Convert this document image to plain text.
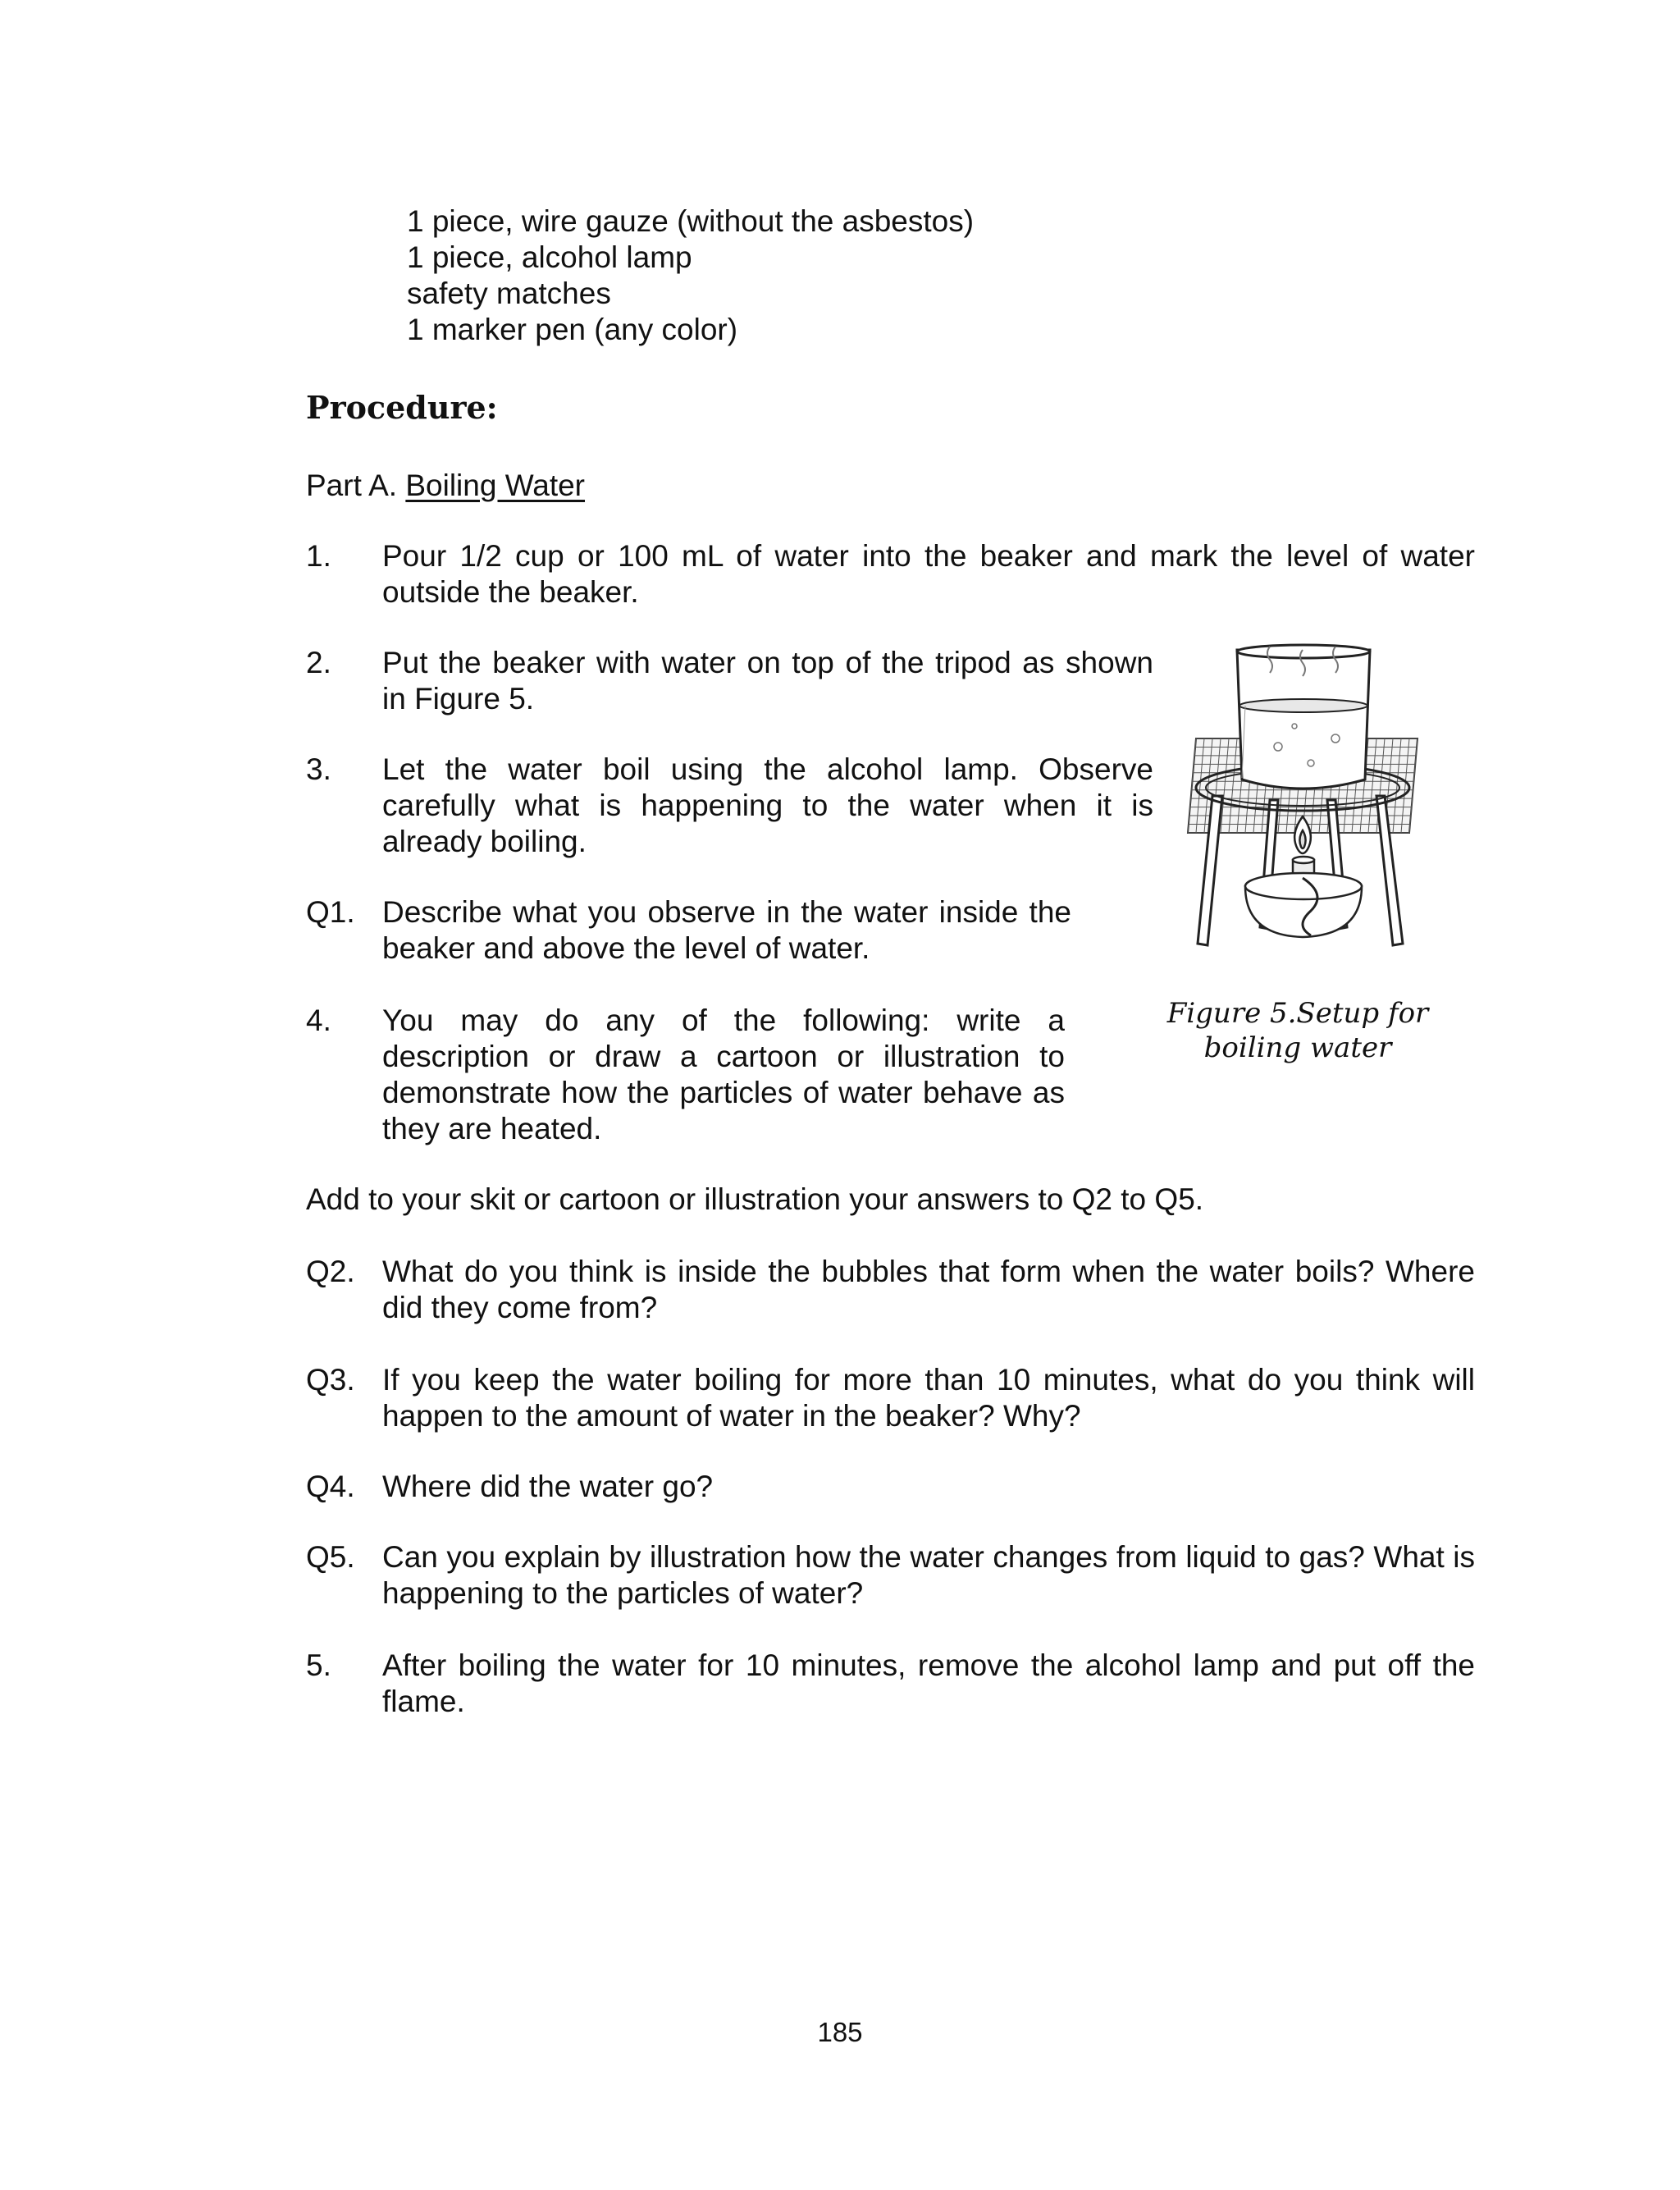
1 piece, wire gauze (without the asbestos)

1 piece, alcohol lamp

safety matches

1 marker pen (any color)

Procedure:

Part A. Boiling Water

1. Pour 1/2 cup or 100 mL of water into the beaker and mark the level of water outside the beaker.
2. Put the beaker with water on top of the tripod as shown in Figure 5.
3. Let the water boil using the alcohol lamp. Observe carefully what is happening to the water when it is already boiling.
Q1. Describe what you observe in the water inside the beaker and above the level of water.
4. You may do any of the following: write a description or draw a cartoon or illustration to demonstrate how the particles of water behave as they are heated.

Figure 5.Setup for boiling water

Add to your skit or cartoon or illustration your answers to Q2 to Q5.

Q2. What do you think is inside the bubbles that form when the water boils? Where did they come from?
Q3. If you keep the water boiling for more than 10 minutes, what do you think will happen to the amount of water in the beaker? Why?
Q4. Where did the water go?
Q5. Can you explain by illustration how the water changes from liquid to gas? What is happening to the particles of water?
5. After boiling the water for 10 minutes, remove the alcohol lamp and put off the flame.
185
